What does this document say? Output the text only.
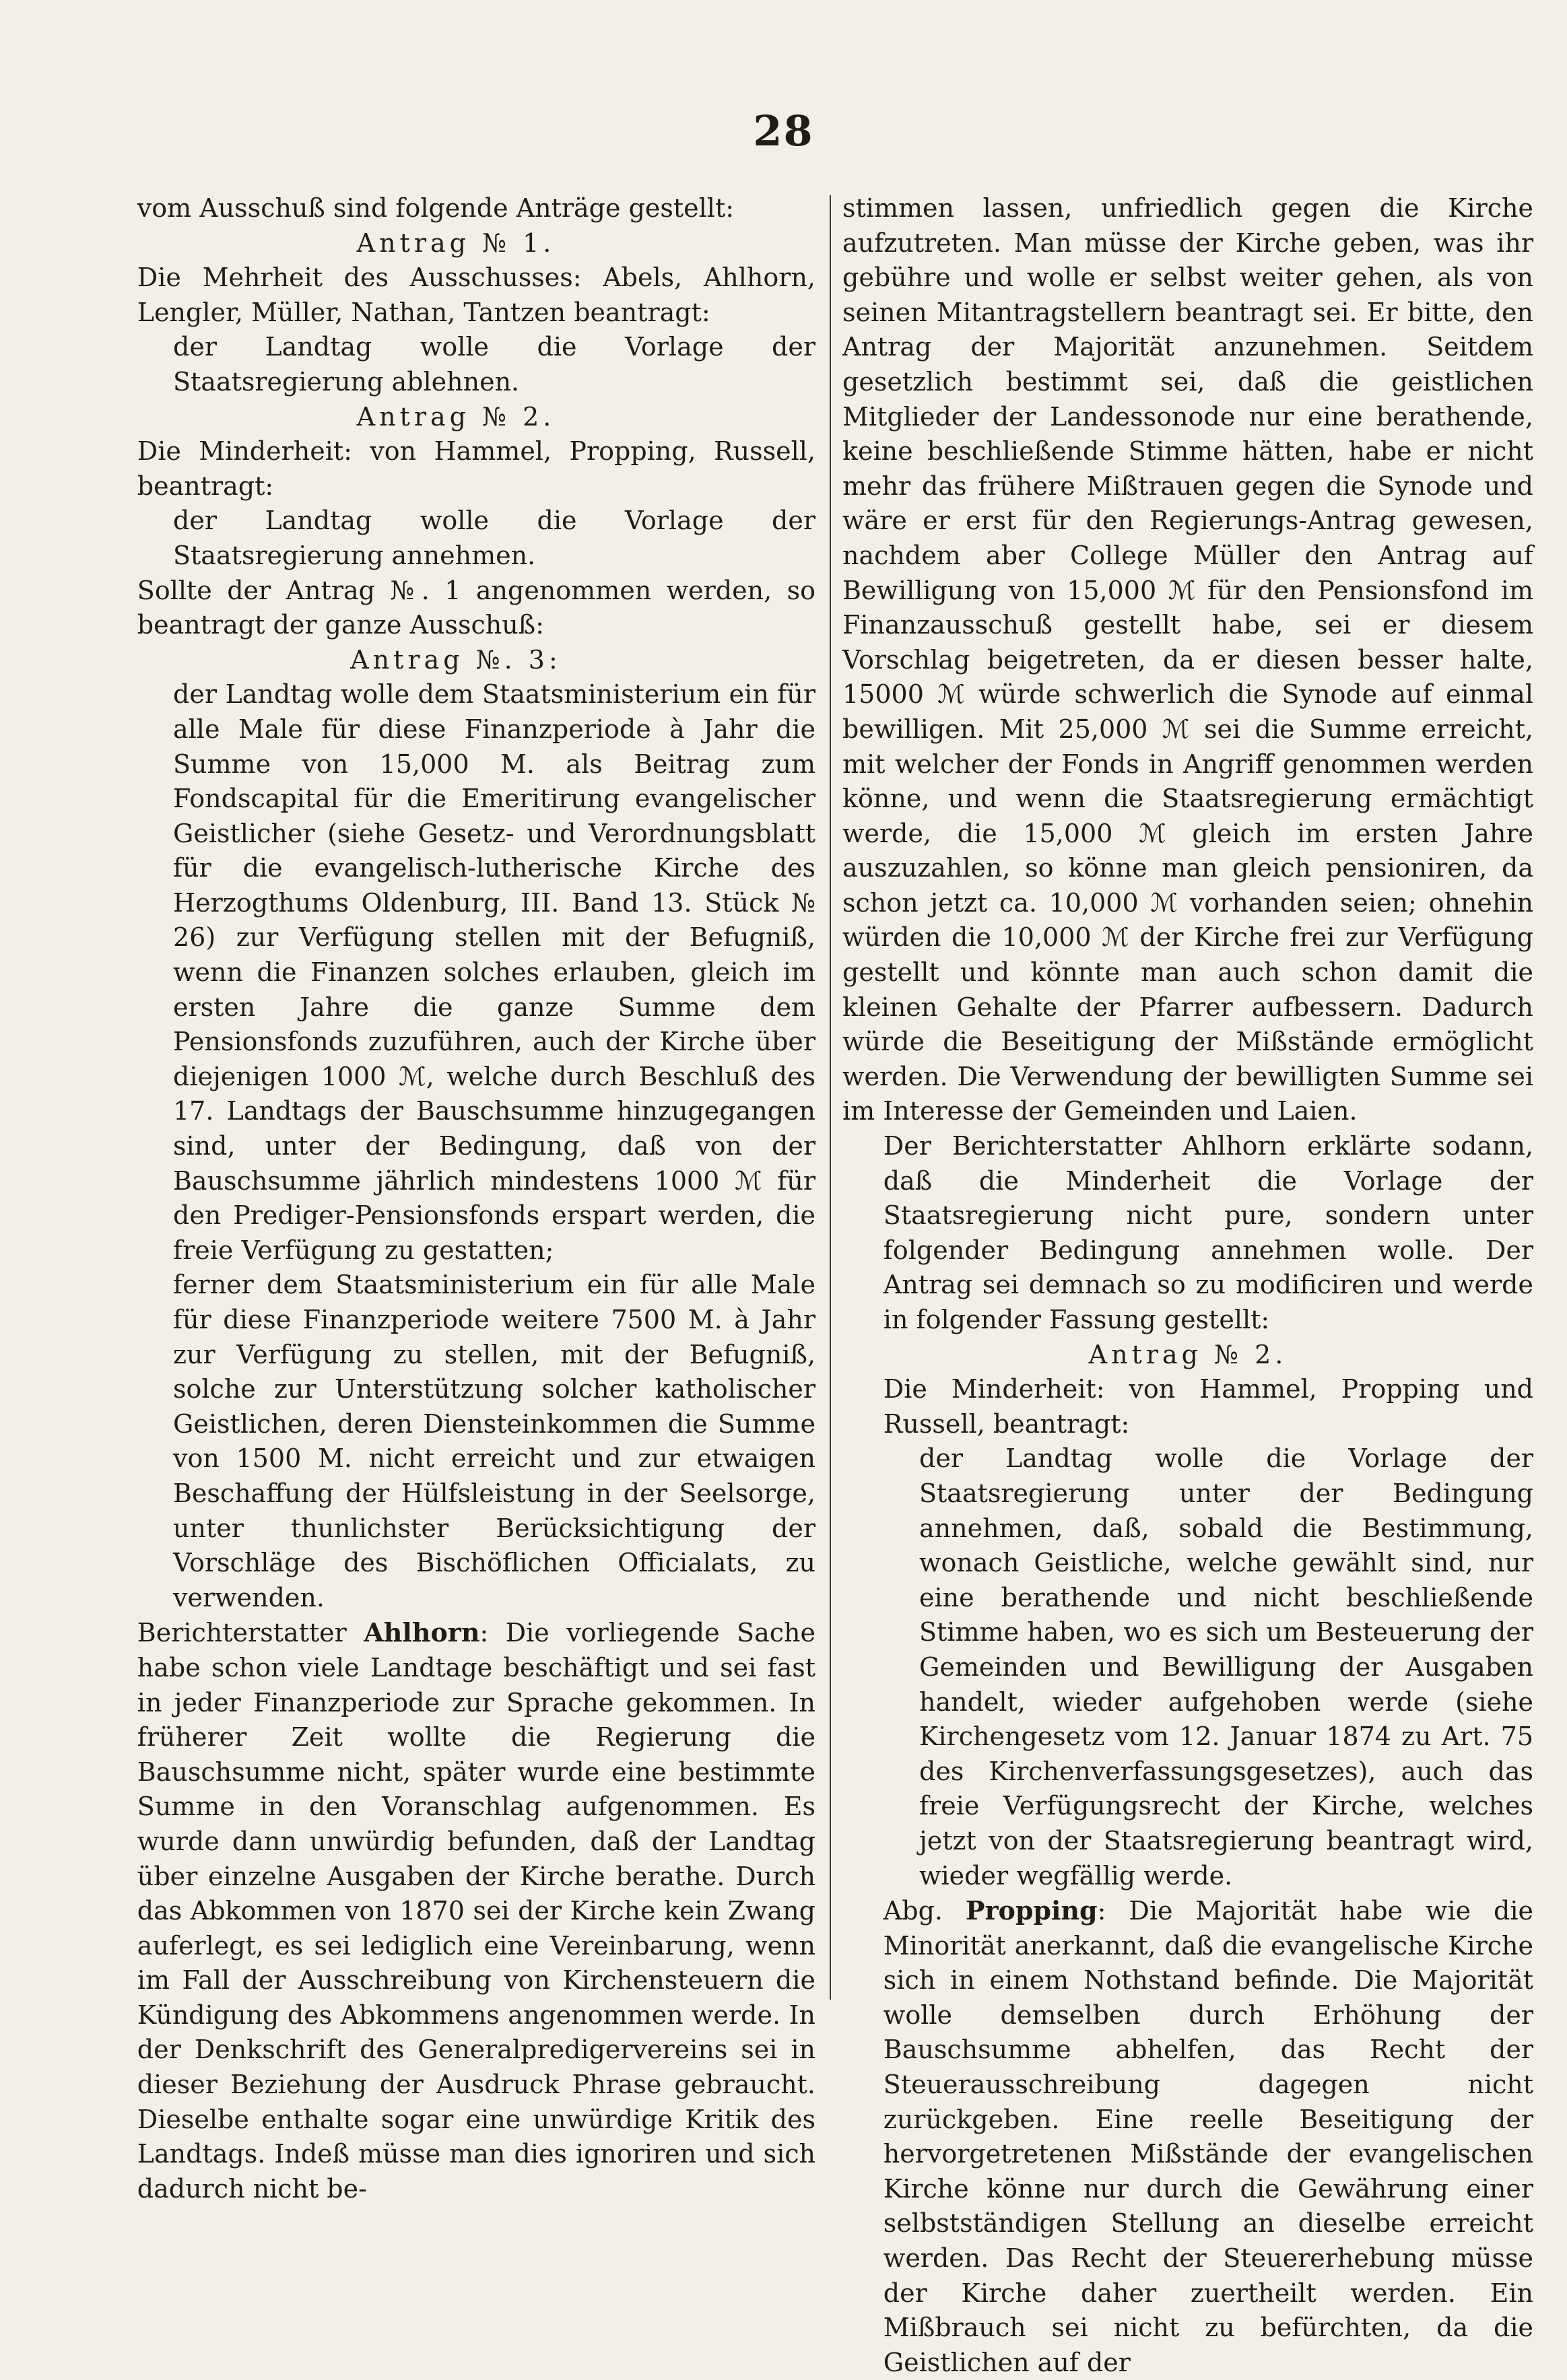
28

vom Ausschuß sind folgende Anträge gestellt:

Antrag № 1.

Die Mehrheit des Ausschusses: Abels, Ahlhorn, Lengler, Müller, Nathan, Tantzen beantragt:

der Landtag wolle die Vorlage der Staatsregierung ablehnen.

Antrag № 2.

Die Minderheit: von Hammel, Propping, Russell, beantragt:

der Landtag wolle die Vorlage der Staatsregierung annehmen.

Sollte der Antrag №. 1 angenommen werden, so beantragt der ganze Ausschuß:

Antrag №. 3:

der Landtag wolle dem Staatsministerium ein für alle Male für diese Finanzperiode à Jahr die Summe von 15,000 M. als Beitrag zum Fondscapital für die Emeritirung evangelischer Geistlicher (siehe Gesetz- und Verordnungsblatt für die evangelisch-lutherische Kirche des Herzogthums Oldenburg, III. Band 13. Stück № 26) zur Verfügung stellen mit der Befugniß, wenn die Finanzen solches erlauben, gleich im ersten Jahre die ganze Summe dem Pensionsfonds zuzuführen, auch der Kirche über diejenigen 1000 ℳ, welche durch Beschluß des 17. Landtags der Bauschsumme hinzugegangen sind, unter der Bedingung, daß von der Bauschsumme jährlich mindestens 1000 ℳ für den Prediger-Pensionsfonds erspart werden, die freie Verfügung zu gestatten;

ferner dem Staatsministerium ein für alle Male für diese Finanzperiode weitere 7500 M. à Jahr zur Verfügung zu stellen, mit der Befugniß, solche zur Unterstützung solcher katholischer Geistlichen, deren Diensteinkommen die Summe von 1500 M. nicht erreicht und zur etwaigen Beschaffung der Hülfsleistung in der Seelsorge, unter thunlichster Berücksichtigung der Vorschläge des Bischöflichen Officialats, zu verwenden.

Berichterstatter Ahlhorn: Die vorliegende Sache habe schon viele Landtage beschäftigt und sei fast in jeder Finanzperiode zur Sprache gekommen. In früherer Zeit wollte die Regierung die Bauschsumme nicht, später wurde eine bestimmte Summe in den Voranschlag aufgenommen. Es wurde dann unwürdig befunden, daß der Landtag über einzelne Ausgaben der Kirche berathe. Durch das Abkommen von 1870 sei der Kirche kein Zwang auferlegt, es sei lediglich eine Vereinbarung, wenn im Fall der Ausschreibung von Kirchensteuern die Kündigung des Abkommens angenommen werde. In der Denkschrift des Generalpredigervereins sei in dieser Beziehung der Ausdruck Phrase gebraucht. Dieselbe enthalte sogar eine unwürdige Kritik des Landtags. Indeß müsse man dies ignoriren und sich dadurch nicht be-

stimmen lassen, unfriedlich gegen die Kirche aufzutreten. Man müsse der Kirche geben, was ihr gebühre und wolle er selbst weiter gehen, als von seinen Mitantragstellern beantragt sei. Er bitte, den Antrag der Majorität anzunehmen. Seitdem gesetzlich bestimmt sei, daß die geistlichen Mitglieder der Landessonode nur eine berathende, keine beschließende Stimme hätten, habe er nicht mehr das frühere Mißtrauen gegen die Synode und wäre er erst für den Regierungs-Antrag gewesen, nachdem aber College Müller den Antrag auf Bewilligung von 15,000 ℳ für den Pensionsfond im Finanzausschuß gestellt habe, sei er diesem Vorschlag beigetreten, da er diesen besser halte, 15000 ℳ würde schwerlich die Synode auf einmal bewilligen. Mit 25,000 ℳ sei die Summe erreicht, mit welcher der Fonds in Angriff genommen werden könne, und wenn die Staatsregierung ermächtigt werde, die 15,000 ℳ gleich im ersten Jahre auszuzahlen, so könne man gleich pensioniren, da schon jetzt ca. 10,000 ℳ vorhanden seien; ohnehin würden die 10,000 ℳ der Kirche frei zur Verfügung gestellt und könnte man auch schon damit die kleinen Gehalte der Pfarrer aufbessern. Dadurch würde die Beseitigung der Mißstände ermöglicht werden. Die Verwendung der bewilligten Summe sei im Interesse der Gemeinden und Laien.

Der Berichterstatter Ahlhorn erklärte sodann, daß die Minderheit die Vorlage der Staatsregierung nicht pure, sondern unter folgender Bedingung annehmen wolle. Der Antrag sei demnach so zu modificiren und werde in folgender Fassung gestellt:

Antrag № 2.

Die Minderheit: von Hammel, Propping und Russell, beantragt:

der Landtag wolle die Vorlage der Staatsregierung unter der Bedingung annehmen, daß, sobald die Bestimmung, wonach Geistliche, welche gewählt sind, nur eine berathende und nicht beschließende Stimme haben, wo es sich um Besteuerung der Gemeinden und Bewilligung der Ausgaben handelt, wieder aufgehoben werde (siehe Kirchengesetz vom 12. Januar 1874 zu Art. 75 des Kirchenverfassungsgesetzes), auch das freie Verfügungsrecht der Kirche, welches jetzt von der Staatsregierung beantragt wird, wieder wegfällig werde.

Abg. Propping: Die Majorität habe wie die Minorität anerkannt, daß die evangelische Kirche sich in einem Nothstand befinde. Die Majorität wolle demselben durch Erhöhung der Bauschsumme abhelfen, das Recht der Steuerausschreibung dagegen nicht zurückgeben. Eine reelle Beseitigung der hervorgetretenen Mißstände der evangelischen Kirche könne nur durch die Gewährung einer selbstständigen Stellung an dieselbe erreicht werden. Das Recht der Steuererhebung müsse der Kirche daher zuertheilt werden. Ein Mißbrauch sei nicht zu befürchten, da die Geistlichen auf der
